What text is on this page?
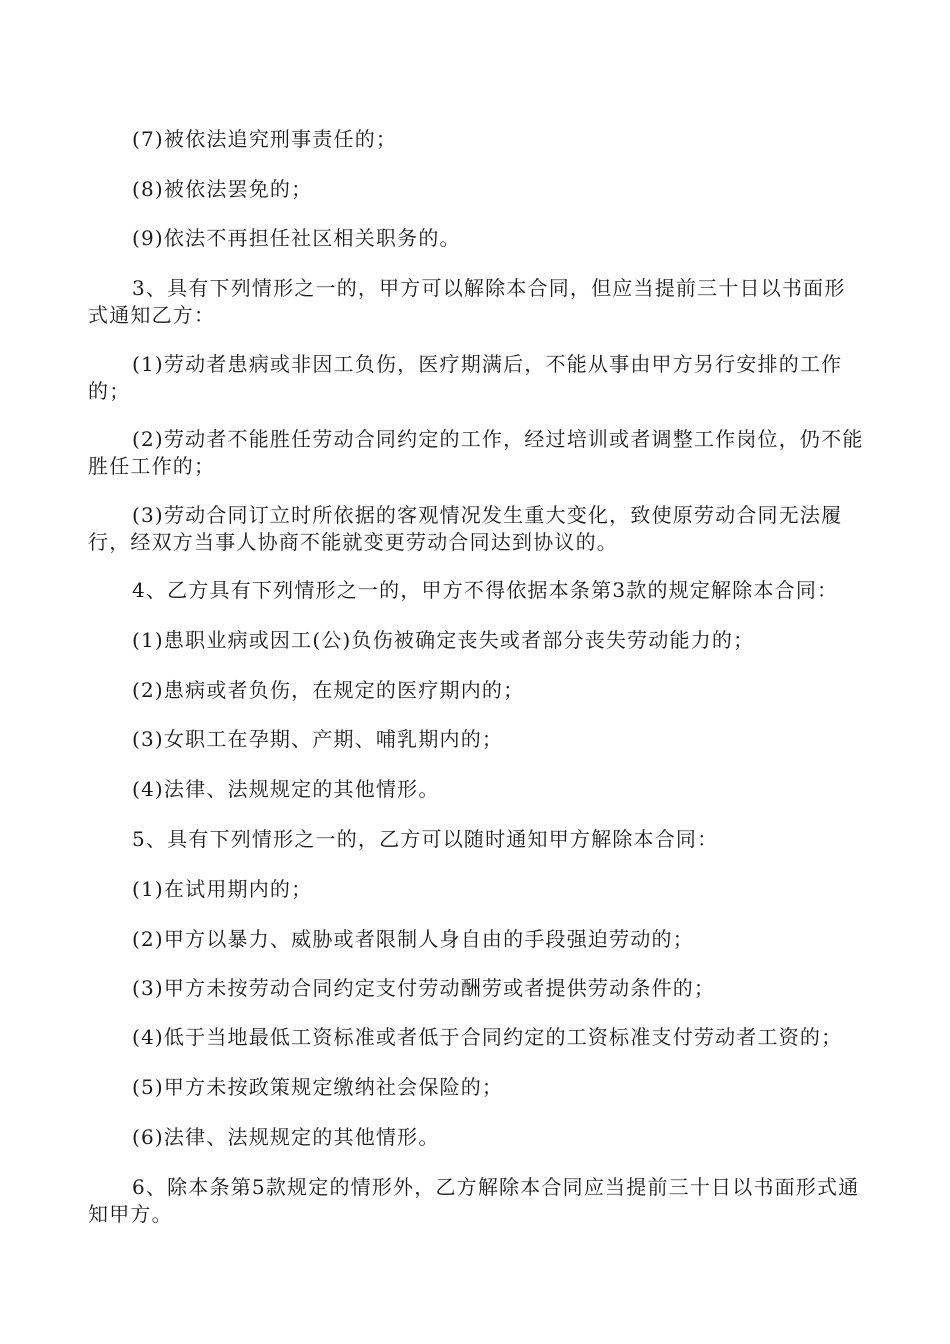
(7)被依法追究刑事责任的；

(8)被依法罢免的；

(9)依法不再担任社区相关职务的。

3、具有下列情形之一的，甲方可以解除本合同，但应当提前三十日以书面形式通知乙方：

(1)劳动者患病或非因工负伤，医疗期满后，不能从事由甲方另行安排的工作的；

(2)劳动者不能胜任劳动合同约定的工作，经过培训或者调整工作岗位，仍不能胜任工作的；

(3)劳动合同订立时所依据的客观情况发生重大变化，致使原劳动合同无法履行，经双方当事人协商不能就变更劳动合同达到协议的。

4、乙方具有下列情形之一的，甲方不得依据本条第3款的规定解除本合同：

(1)患职业病或因工(公)负伤被确定丧失或者部分丧失劳动能力的；

(2)患病或者负伤，在规定的医疗期内的；

(3)女职工在孕期、产期、哺乳期内的；

(4)法律、法规规定的其他情形。

5、具有下列情形之一的，乙方可以随时通知甲方解除本合同：

(1)在试用期内的；

(2)甲方以暴力、威胁或者限制人身自由的手段强迫劳动的；

(3)甲方未按劳动合同约定支付劳动酬劳或者提供劳动条件的；

(4)低于当地最低工资标准或者低于合同约定的工资标准支付劳动者工资的；

(5)甲方未按政策规定缴纳社会保险的；

(6)法律、法规规定的其他情形。

6、除本条第5款规定的情形外，乙方解除本合同应当提前三十日以书面形式通知甲方。
